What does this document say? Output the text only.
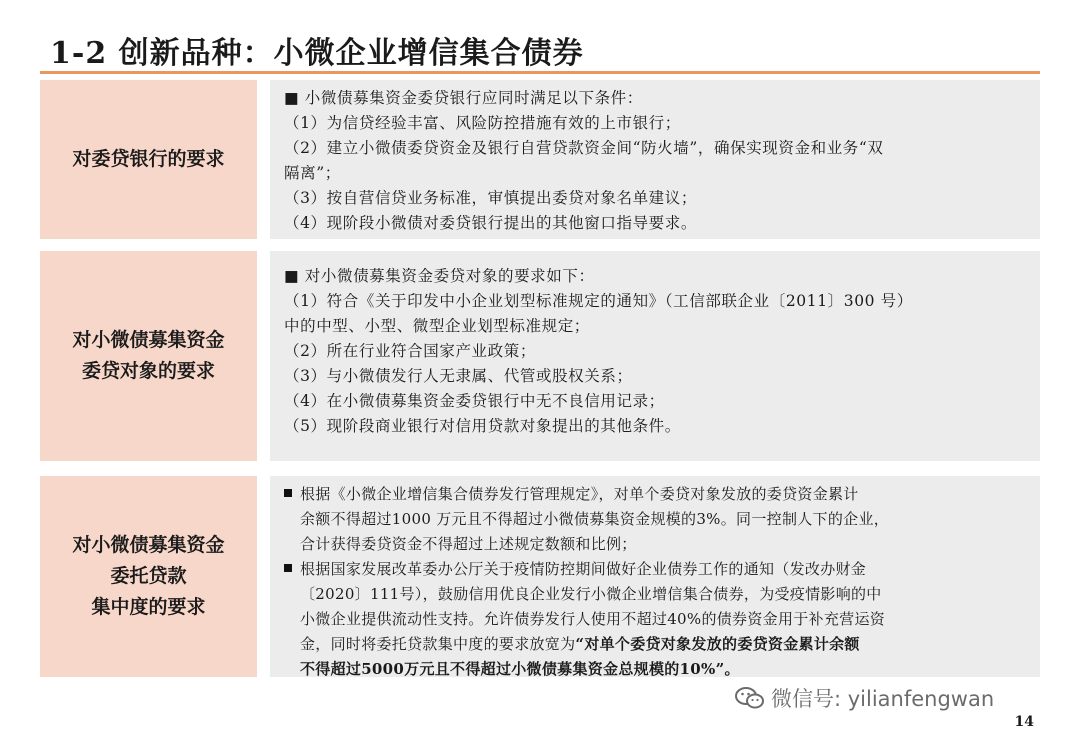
1-2 创新品种：小微企业增信集合债券
对委贷银行的要求
■ 小微债募集资金委贷银行应同时满足以下条件：
（1）为信贷经验丰富、风险防控措施有效的上市银行；
（2）建立小微债委贷资金及银行自营贷款资金间“防火墙”，确保实现资金和业务“双
隔离”；
（3）按自营信贷业务标准，审慎提出委贷对象名单建议；
（4）现阶段小微债对委贷银行提出的其他窗口指导要求。
对小微债募集资金
委贷对象的要求
■ 对小微债募集资金委贷对象的要求如下：
（1）符合《关于印发中小企业划型标准规定的通知》（工信部联企业〔2011〕300 号）
中的中型、小型、微型企业划型标准规定；
（2）所在行业符合国家产业政策；
（3）与小微债发行人无隶属、代管或股权关系；
（4）在小微债募集资金委贷银行中无不良信用记录；
（5）现阶段商业银行对信用贷款对象提出的其他条件。
对小微债募集资金
委托贷款
集中度的要求
根据《小微企业增信集合债券发行管理规定》，对单个委贷对象发放的委贷资金累计
余额不得超过1000 万元且不得超过小微债募集资金规模的3%。同一控制人下的企业，
合计获得委贷资金不得超过上述规定数额和比例；
根据国家发展改革委办公厅关于疫情防控期间做好企业债券工作的通知（发改办财金
〔2020〕111号），鼓励信用优良企业发行小微企业增信集合债券，为受疫情影响的中
小微企业提供流动性支持。允许债券发行人使用不超过40%的债券资金用于补充营运资
金，同时将委托贷款集中度的要求放宽为“对单个委贷对象发放的委贷资金累计余额
不得超过5000万元且不得超过小微债募集资金总规模的10%”。
微信号: yilianfengwan
14
